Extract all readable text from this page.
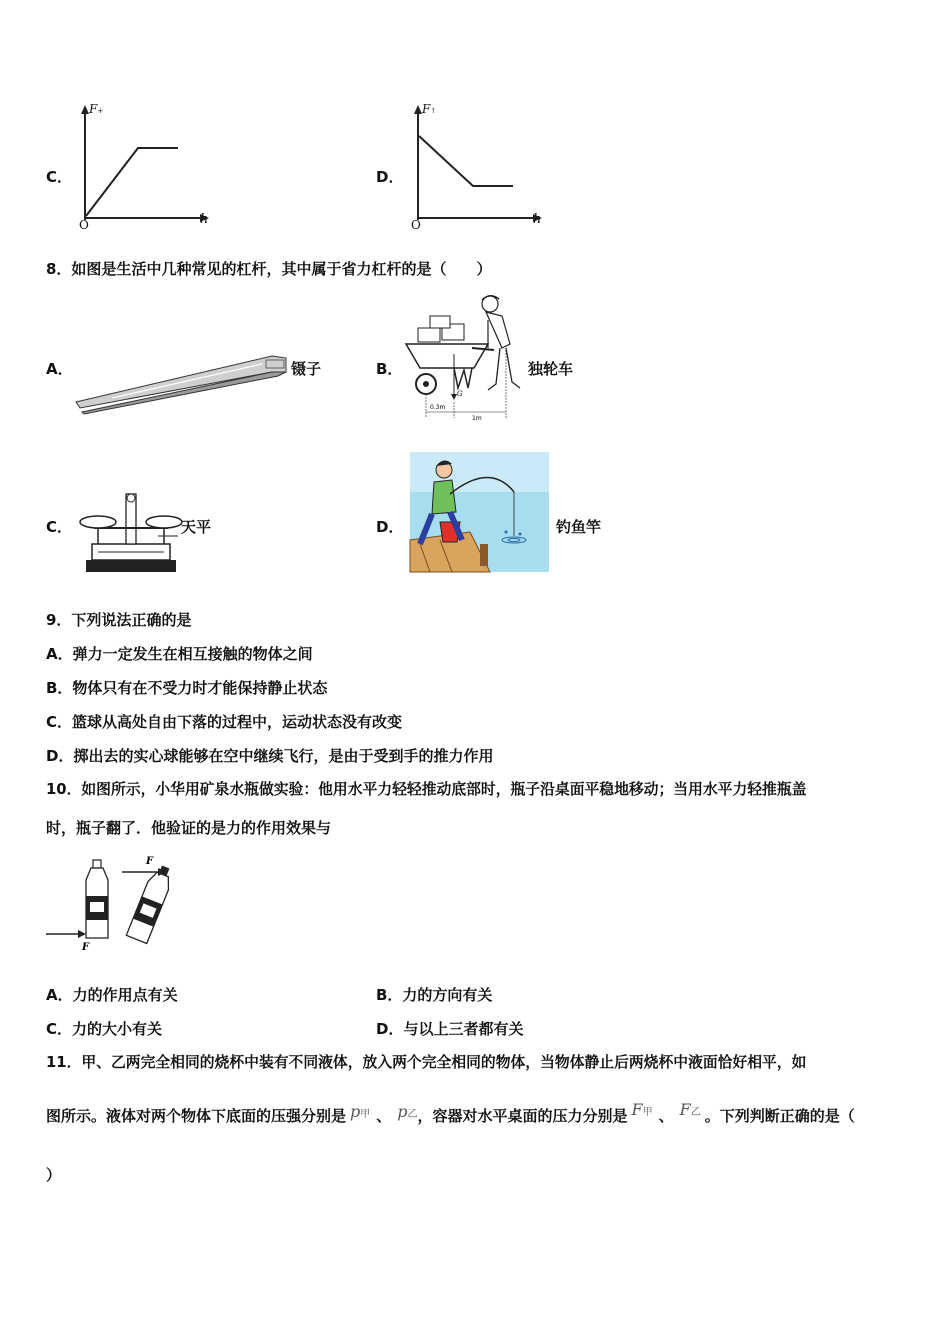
C．
F+
h
O
D．
F↑
h
O
8．如图是生活中几种常见的杠杆，其中属于省力杠杆的是（　　）
A．	镊子	B．
G
0.3m
1m
独轮车
C．	天平	D．	钓鱼竿
9．下列说法正确的是
A．弹力一定发生在相互接触的物体之间
B．物体只有在不受力时才能保持静止状态
C．篮球从高处自由下落的过程中，运动状态没有改变
D．掷出去的实心球能够在空中继续飞行，是由于受到手的推力作用
10．如图所示，小华用矿泉水瓶做实验：他用水平力轻轻推动底部时，瓶子沿桌面平稳地移动；当用水平力轻推瓶盖
时，瓶子翻了．他验证的是力的作用效果与
F
F
A．力的作用点有关	B．力的方向有关
C．力的大小有关	D．与以上三者都有关
11．甲、乙两完全相同的烧杯中装有不同液体，放入两个完全相同的物体，当物体静止后两烧杯中液面恰好相平，如
图所示。液体对两个物体下底面的压强分别是 p甲 、 p乙 ，容器对水平桌面的压力分别是 F甲 、 F乙 。下列判断正确的是（
）
